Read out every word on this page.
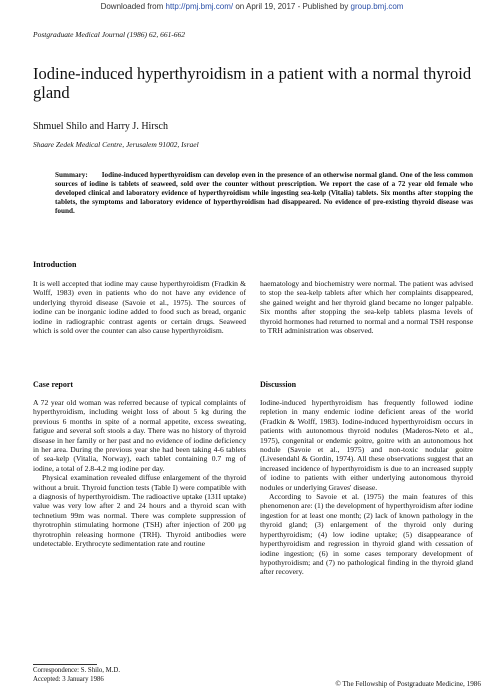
Downloaded from http://pmj.bmj.com/ on April 19, 2017 - Published by group.bmj.com
Postgraduate Medical Journal (1986) 62, 661-662
Iodine-induced hyperthyroidism in a patient with a normal thyroid gland
Shmuel Shilo and Harry J. Hirsch
Shaare Zedek Medical Centre, Jerusalem 91002, Israel

Summary: Iodine-induced hyperthyroidism can develop even in the presence of an otherwise normal gland. One of the less common sources of iodine is tablets of seaweed, sold over the counter without prescription. We report the case of a 72 year old female who developed clinical and laboratory evidence of hyperthyroidism while ingesting sea-kelp (Vitalia) tablets. Six months after stopping the tablets, the symptoms and laboratory evidence of hyperthyroidism had disappeared. No evidence of pre-existing thyroid disease was found.

Introduction

It is well accepted that iodine may cause hyperthyroidism (Fradkin & Wolff, 1983) even in patients who do not have any evidence of underlying thyroid disease (Savoie et al., 1975). The sources of iodine can be inorganic iodine added to food such as bread, organic iodine in radiographic contrast agents or certain drugs. Seaweed which is sold over the counter can also cause hyperthyroidism.

haematology and biochemistry were normal. The patient was advised to stop the sea-kelp tablets after which her complaints disappeared, she gained weight and her thyroid gland became no longer palpable. Six months after stopping the sea-kelp tablets plasma levels of thyroid hormones had returned to normal and a normal TSH response to TRH administration was observed.

Case report

A 72 year old woman was referred because of typical complaints of hyperthyroidism, including weight loss of about 5 kg during the previous 6 months in spite of a normal appetite, excess sweating, fatigue and several soft stools a day. There was no history of thyroid disease in her family or her past and no evidence of iodine deficiency in her area. During the previous year she had been taking 4-6 tablets of sea-kelp (Vitalia, Norway), each tablet containing 0.7 mg of iodine, a total of 2.8-4.2 mg iodine per day.

Physical examination revealed diffuse enlargement of the thyroid without a bruit. Thyroid function tests (Table I) were compatible with a diagnosis of hyperthyroidism. The radioactive uptake (131I uptake) value was very low after 2 and 24 hours and a thyroid scan with technetium 99m was normal. There was complete suppression of thyrotrophin stimulating hormone (TSH) after injection of 200 μg thyrotrophin releasing hormone (TRH). Thyroid antibodies were undetectable. Erythrocyte sedimentation rate and routine

Discussion

Iodine-induced hyperthyroidism has frequently followed iodine repletion in many endemic iodine deficient areas of the world (Fradkin & Wolff, 1983). Iodine-induced hyperthyroidism occurs in patients with autonomous thyroid nodules (Maderos-Neto et al., 1975), congenital or endemic goitre, goitre with an autonomous hot nodule (Savoie et al., 1975) and non-toxic nodular goitre (Livesendahl & Gordin, 1974). All these observations suggest that an increased incidence of hyperthyroidism is due to an increased supply of iodine to patients with either underlying autonomous thyroid nodules or underlying Graves' disease.

According to Savoie et al. (1975) the main features of this phenomenon are: (1) the development of hyperthyroidism after iodine ingestion for at least one month; (2) lack of known pathology in the thyroid gland; (3) enlargement of the thyroid only during hyperthyroidism; (4) low iodine uptake; (5) disappearance of hyperthyroidism and regression in thyroid gland with cessation of iodine ingestion; (6) in some cases temporary development of hypothyroidism; and (7) no pathological finding in the thyroid gland after recovery.

Correspondence: S. Shilo, M.D.
Accepted: 3 January 1986
© The Fellowship of Postgraduate Medicine, 1986
